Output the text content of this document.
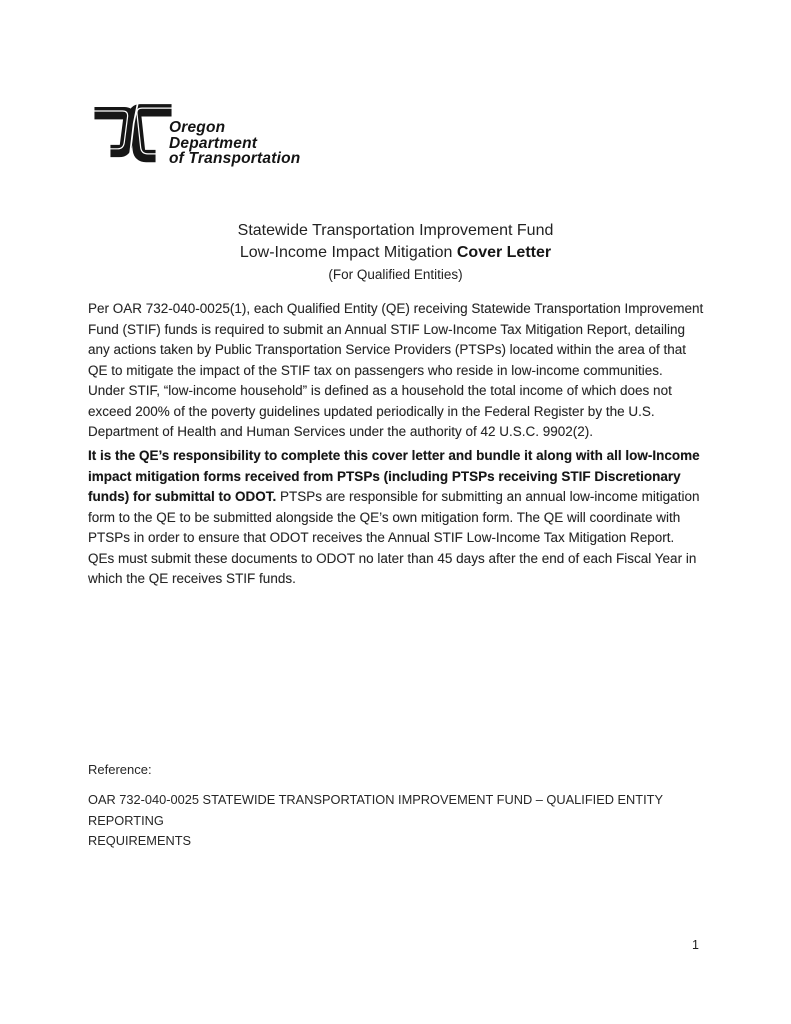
Oregon
Department
of Transportation
Statewide Transportation Improvement Fund
Low-Income Impact Mitigation Cover Letter
(For Qualified Entities)

Per OAR 732-040-0025(1), each Qualified Entity (QE) receiving Statewide Transportation Improvement Fund (STIF) funds is required to submit an Annual STIF Low-Income Tax Mitigation Report, detailing any actions taken by Public Transportation Service Providers (PTSPs) located within the area of that QE to mitigate the impact of the STIF tax on passengers who reside in low-income communities.  Under STIF, “low-income household” is defined as a household the total income of which does not exceed 200% of the poverty guidelines updated periodically in the Federal Register by the U.S. Department of Health and Human Services under the authority of 42 U.S.C. 9902(2).

It is the QE’s responsibility to complete this cover letter and bundle it along with all low-Income impact mitigation forms received from PTSPs (including PTSPs receiving STIF Discretionary funds) for submittal to ODOT. PTSPs are responsible for submitting an annual low-income mitigation form to the QE to be submitted alongside the QE’s own mitigation form. The QE will coordinate with PTSPs in order to ensure that ODOT receives the Annual STIF Low-Income Tax Mitigation Report.  QEs must submit these documents to ODOT no later than 45 days after the end of each Fiscal Year in which the QE receives STIF funds.

Reference:
OAR 732-040-0025 STATEWIDE TRANSPORTATION IMPROVEMENT FUND – QUALIFIED ENTITY REPORTING
REQUIREMENTS
1
